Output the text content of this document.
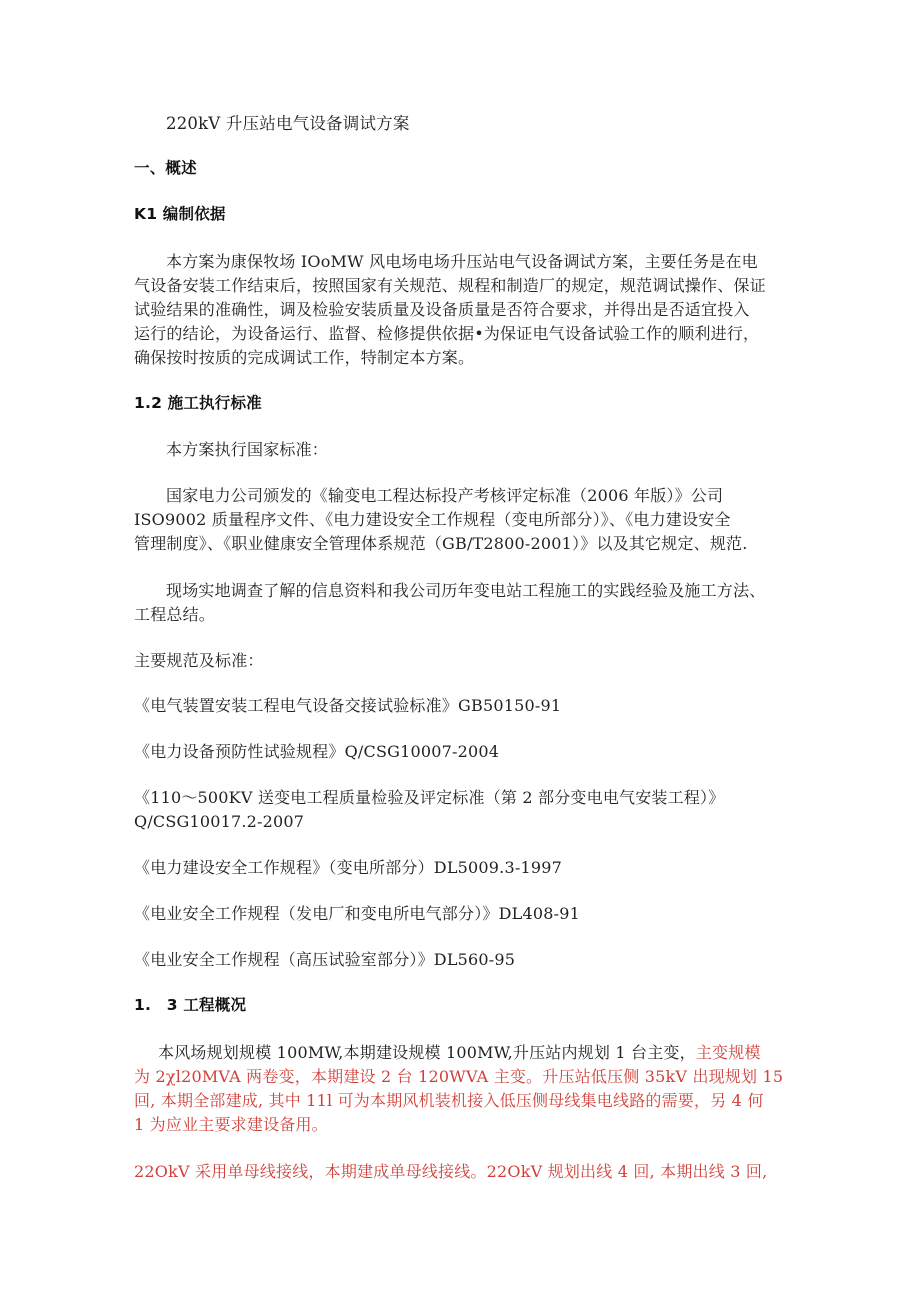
220kV 升压站电气设备调试方案
一、概述
K1 编制依据
本方案为康保牧场 IOoMW 风电场电场升压站电气设备调试方案，主要任务是在电
气设备安装工作结束后，按照国家有关规范、规程和制造厂的规定，规范调试操作、保证
试验结果的准确性，调及检验安装质量及设备质量是否符合要求，并得出是否适宜投入
运行的结论，为设备运行、监督、检修提供依据•为保证电气设备试验工作的顺利进行，
确保按时按质的完成调试工作，特制定本方案。
1.2 施工执行标准
本方案执行国家标准：
国家电力公司颁发的《输变电工程达标投产考核评定标准（2006 年版）》公司
ISO9002 质量程序文件、《电力建设安全工作规程（变电所部分）》、《电力建设安全
管理制度》、《职业健康安全管理体系规范（GB/T2800-2001）》以及其它规定、规范.
现场实地调查了解的信息资料和我公司历年变电站工程施工的实践经验及施工方法、
工程总结。
主要规范及标准：
《电气装置安装工程电气设备交接试验标准》GB50150-91
《电力设备预防性试验规程》Q/CSG10007-2004
《110～500KV 送变电工程质量检验及评定标准（第 2 部分变电电气安装工程）》
Q/CSG10017.2-2007
《电力建设安全工作规程》（变电所部分）DL5009.3-1997
《电业安全工作规程（发电厂和变电所电气部分）》DL408-91
《电业安全工作规程（高压试验室部分）》DL560-95
1.　3 工程概况
本风场规划规模 100MW,本期建设规模 100MW,升压站内规划 1 台主变，主变规模
为 2χl20MVA 两卷变，本期建设 2 台 120WVA 主变。升压站低压侧 35kV 出现规划 15
回, 本期全部建成, 其中 11l 可为本期风机装机接入低压侧母线集电线路的需要，另 4 何
1 为应业主要求建设备用。
22OkV 采用单母线接线，本期建成单母线接线。22OkV 规划出线 4 回, 本期出线 3 回,
